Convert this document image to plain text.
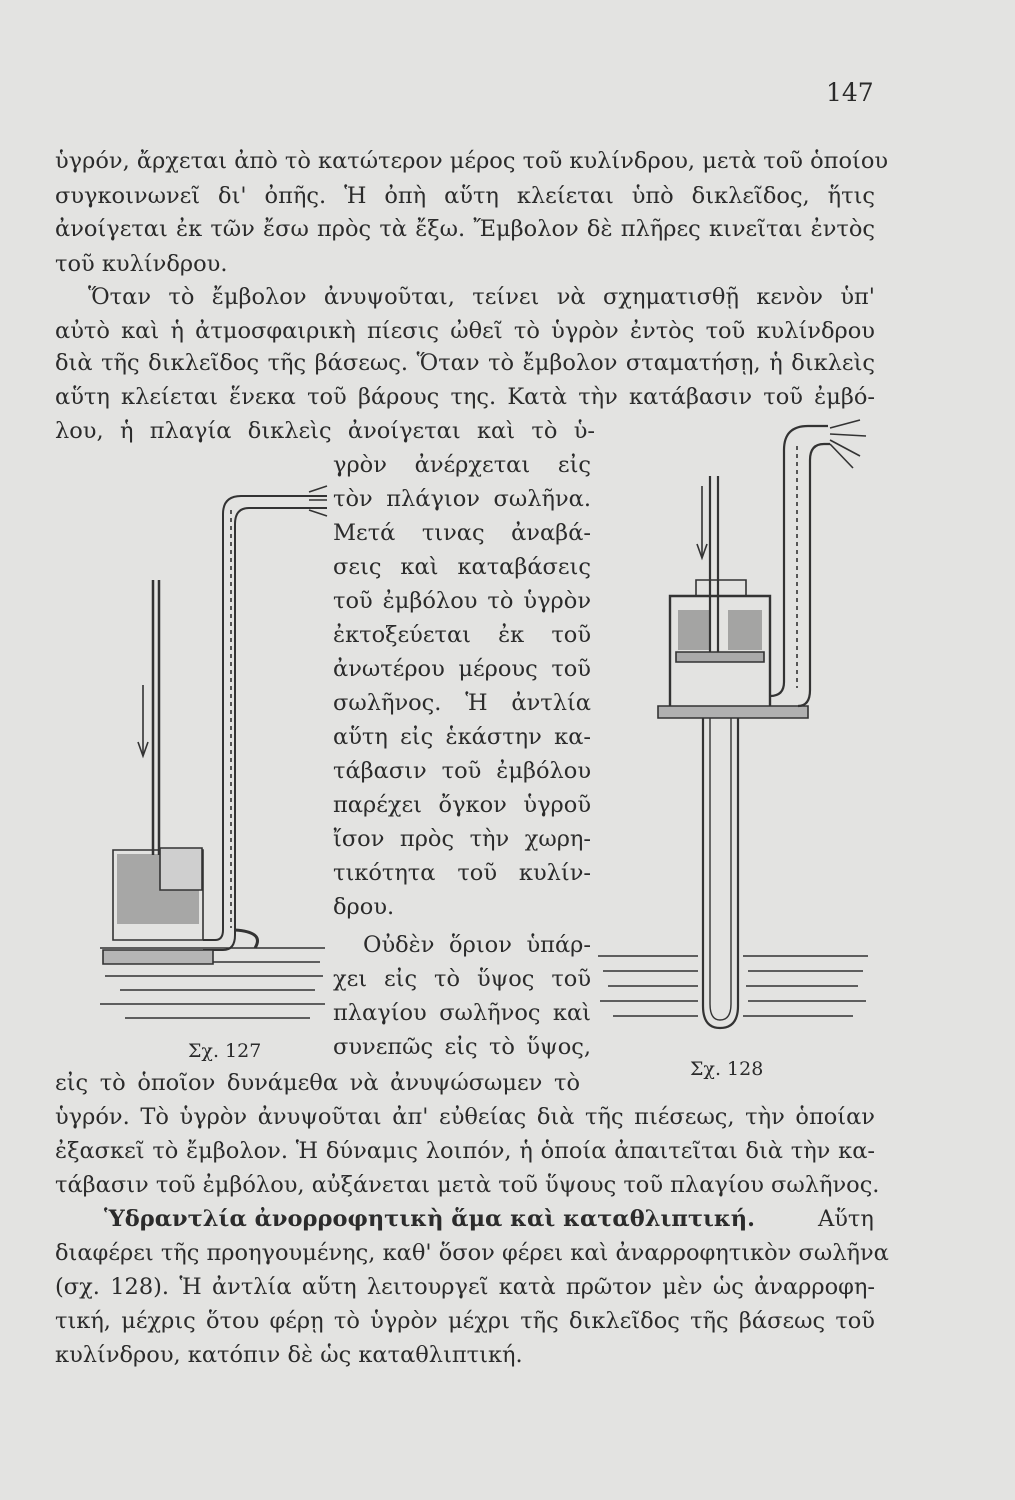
147
ὑγρόν, ἄρχεται ἀπὸ τὸ κατώτερον μέρος τοῦ κυλίνδρου, μετὰ τοῦ ὁποίου
συγκοινωνεῖ δι' ὀπῆς. Ἡ ὀπὴ αὕτη κλείεται ὑπὸ δικλεῖδος, ἥτις
ἀνοίγεται ἐκ τῶν ἔσω πρὸς τὰ ἔξω. Ἔμβολον δὲ πλῆρες κινεῖται ἐντὸς
τοῦ κυλίνδρου.
Ὅταν τὸ ἔμβολον ἀνυψοῦται, τείνει νὰ σχηματισθῇ κενὸν ὑπ'
αὐτὸ καὶ ἡ ἀτμοσφαιρικὴ πίεσις ὠθεῖ τὸ ὑγρὸν ἐντὸς τοῦ κυλίνδρου
διὰ τῆς δικλεῖδος τῆς βάσεως. Ὅταν τὸ ἔμβολον σταματήσῃ, ἡ δικλεὶς
αὕτη κλείεται ἕνεκα τοῦ βάρους της. Κατὰ τὴν κατάβασιν τοῦ ἐμβό-
λου, ἡ πλαγία δικλεὶς ἀνοίγεται καὶ τὸ ὑ-
γρὸν ἀνέρχεται εἰς
τὸν πλάγιον σωλῆνα.
Μετά τινας ἀναβά-
σεις καὶ καταβάσεις
τοῦ ἐμβόλου τὸ ὑγρὸν
ἐκτοξεύεται ἐκ τοῦ
ἀνωτέρου μέρους τοῦ
σωλῆνος. Ἡ ἀντλία
αὕτη εἰς ἑκάστην κα-
τάβασιν τοῦ ἐμβόλου
παρέχει ὄγκον ὑγροῦ
ἴσον πρὸς τὴν χωρη-
τικότητα τοῦ κυλίν-
δρου.
Οὐδὲν ὅριον ὑπάρ-
χει εἰς τὸ ὕψος τοῦ
πλαγίου σωλῆνος καὶ
συνεπῶς εἰς τὸ ὕψος,
εἰς τὸ ὁποῖον δυνάμεθα νὰ ἀνυψώσωμεν τὸ
ὑγρόν. Τὸ ὑγρὸν ἀνυψοῦται ἀπ' εὐθείας διὰ τῆς πιέσεως, τὴν ὁποίαν
ἐξασκεῖ τὸ ἔμβολον. Ἡ δύναμις λοιπόν, ἡ ὁποία ἀπαιτεῖται διὰ τὴν κα-
τάβασιν τοῦ ἐμβόλου, αὐξάνεται μετὰ τοῦ ὕψους τοῦ πλαγίου σωλῆνος.
Ὑδραντλία ἀνορροφητικὴ ἅμα καὶ καταθλιπτική.	Αὕτη
διαφέρει τῆς προηγουμένης, καθ' ὅσον φέρει καὶ ἀναρροφητικὸν σωλῆνα
(σχ. 128). Ἡ ἀντλία αὕτη λειτουργεῖ κατὰ πρῶτον μὲν ὡς ἀναρροφη-
τική, μέχρις ὅτου φέρῃ τὸ ὑγρὸν μέχρι τῆς δικλεῖδος τῆς βάσεως τοῦ
κυλίνδρου, κατόπιν δὲ ὡς καταθλιπτική.
Σχ. 127
Σχ. 128
